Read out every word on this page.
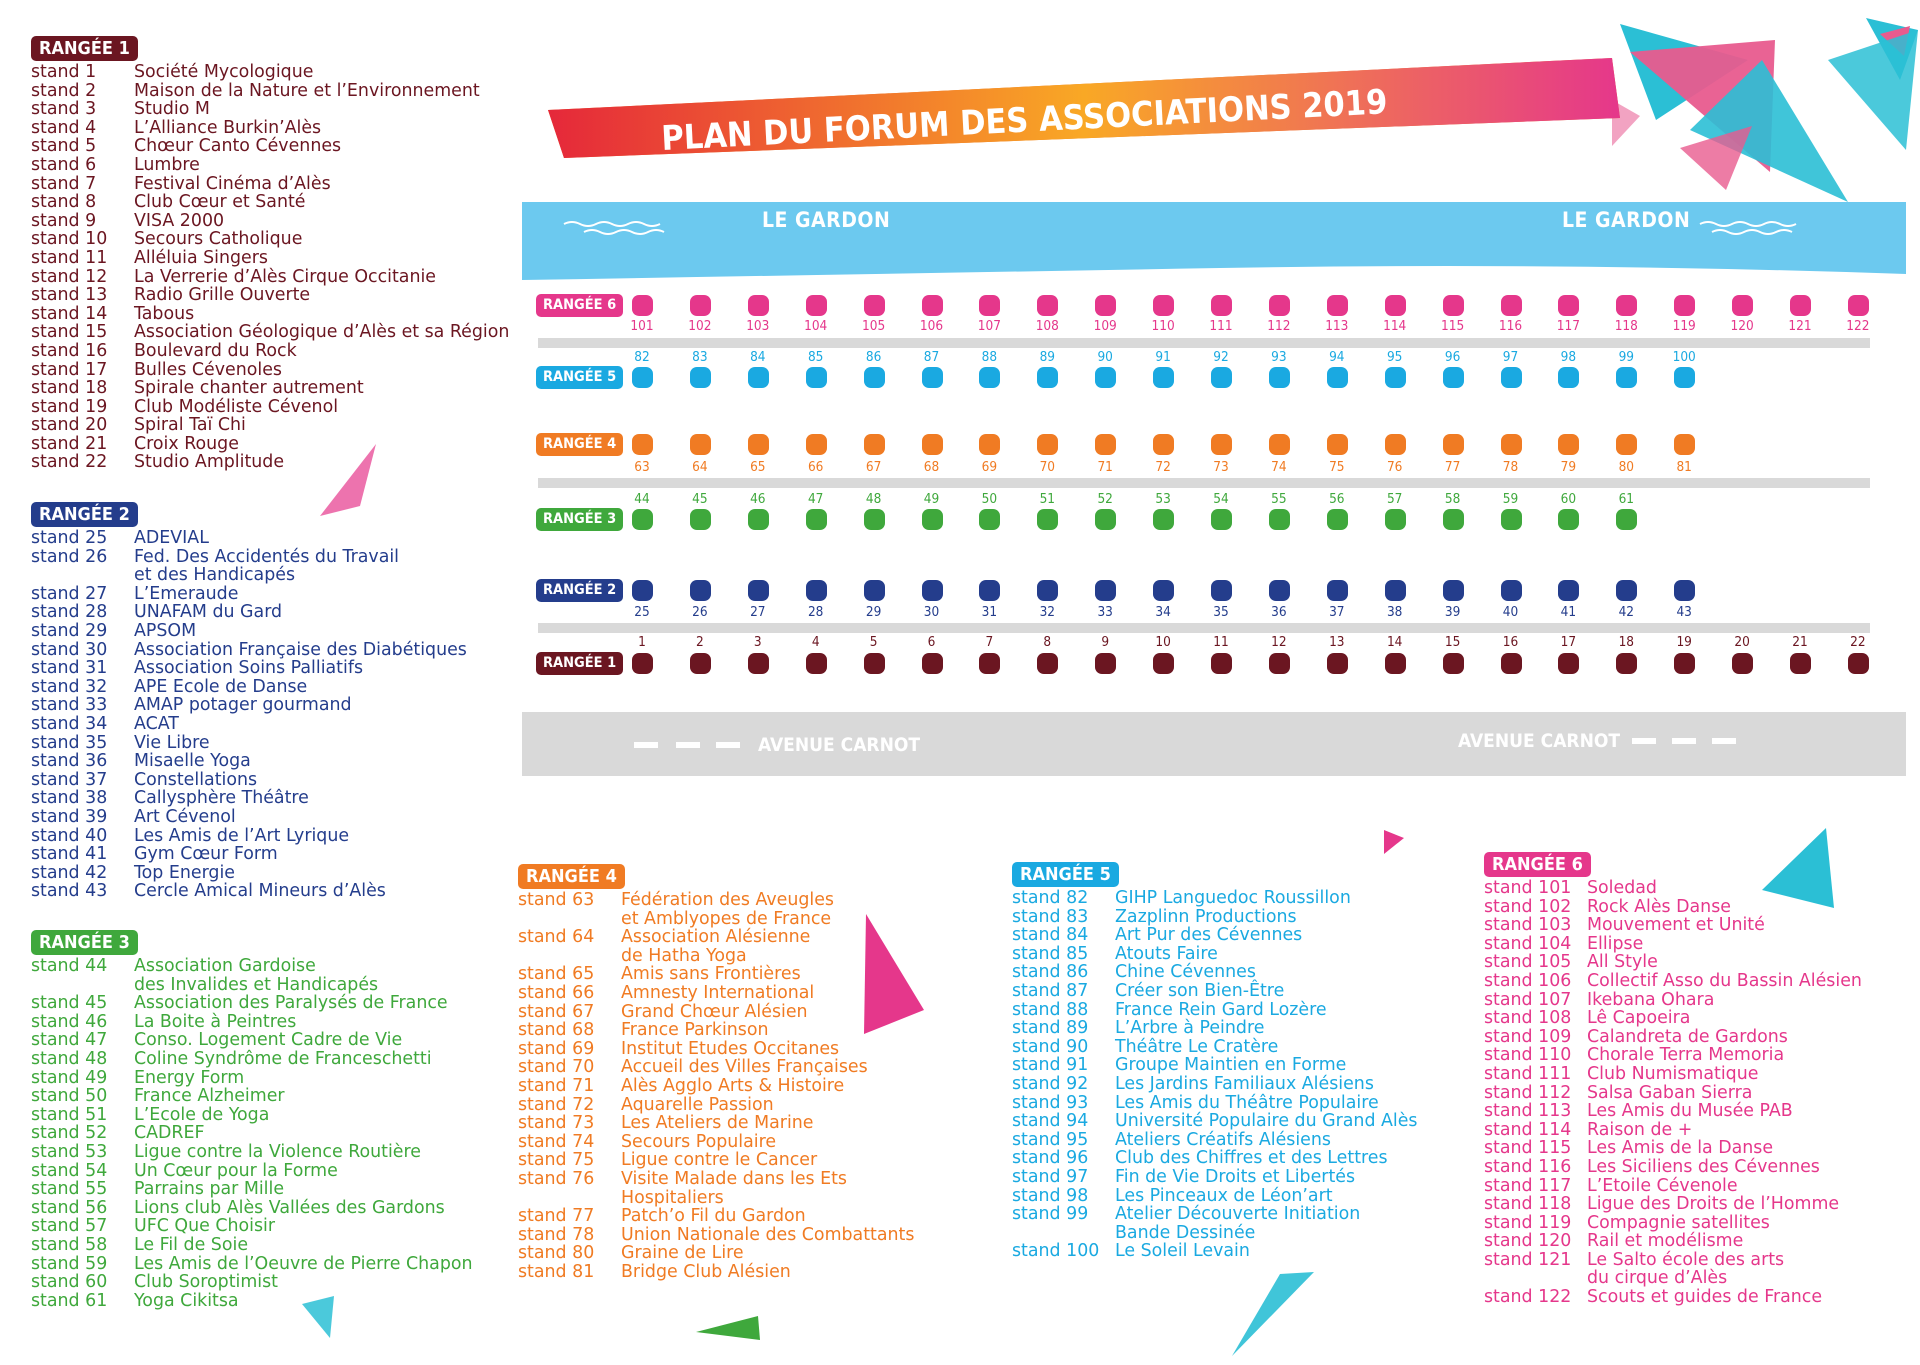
PLAN DU FORUM DES ASSOCIATIONS 2019
LE GARDON	LE GARDON
AVENUE CARNOT	AVENUE CARNOT
RANGÉE 6
101	102	103	104	105	106	107	108	109	110	111	112	113	114	115	116	117	118	119	120	121	122
RANGÉE 5
82	83	84	85	86	87	88	89	90	91	92	93	94	95	96	97	98	99	100
RANGÉE 4
63	64	65	66	67	68	69	70	71	72	73	74	75	76	77	78	79	80	81
RANGÉE 3
44	45	46	47	48	49	50	51	52	53	54	55	56	57	58	59	60	61
RANGÉE 2
25	26	27	28	29	30	31	32	33	34	35	36	37	38	39	40	41	42	43
RANGÉE 1
1	2	3	4	5	6	7	8	9	10	11	12	13	14	15	16	17	18	19	20	21	22
RANGÉE 1
stand 1	Société Mycologique
stand 2	Maison de la Nature et l’Environnement
stand 3	Studio M
stand 4	L’Alliance Burkin’Alès
stand 5	Chœur Canto Cévennes
stand 6	Lumbre
stand 7	Festival Cinéma d’Alès
stand 8	Club Cœur et Santé
stand 9	VISA 2000
stand 10	Secours Catholique
stand 11	Alléluia Singers
stand 12	La Verrerie d’Alès Cirque Occitanie
stand 13	Radio Grille Ouverte
stand 14	Tabous
stand 15	Association Géologique d’Alès et sa Région
stand 16	Boulevard du Rock
stand 17	Bulles Cévenoles
stand 18	Spirale chanter autrement
stand 19	Club Modéliste Cévenol
stand 20	Spiral Taï Chi
stand 21	Croix Rouge
stand 22	Studio Amplitude
RANGÉE 2
stand 25	ADEVIAL
stand 26	Fed. Des Accidentés du Travail
et des Handicapés
stand 27	L’Emeraude
stand 28	UNAFAM du Gard
stand 29	APSOM
stand 30	Association Française des Diabétiques
stand 31	Association Soins Palliatifs
stand 32	APE Ecole de Danse
stand 33	AMAP potager gourmand
stand 34	ACAT
stand 35	Vie Libre
stand 36	Misaelle Yoga
stand 37	Constellations
stand 38	Callysphère Théâtre
stand 39	Art Cévenol
stand 40	Les Amis de l’Art Lyrique
stand 41	Gym Cœur Form
stand 42	Top Energie
stand 43	Cercle Amical Mineurs d’Alès
RANGÉE 3
stand 44	Association Gardoise
des Invalides et Handicapés
stand 45	Association des Paralysés de France
stand 46	La Boite à Peintres
stand 47	Conso. Logement Cadre de Vie
stand 48	Coline Syndrôme de Franceschetti
stand 49	Energy Form
stand 50	France Alzheimer
stand 51	L’Ecole de Yoga
stand 52	CADREF
stand 53	Ligue contre la Violence Routière
stand 54	Un Cœur pour la Forme
stand 55	Parrains par Mille
stand 56	Lions club Alès Vallées des Gardons
stand 57	UFC Que Choisir
stand 58	Le Fil de Soie
stand 59	Les Amis de l’Oeuvre de Pierre Chapon
stand 60	Club Soroptimist
stand 61	Yoga Cikitsa
RANGÉE 4
stand 63	Fédération des Aveugles
et Amblyopes de France
stand 64	Association Alésienne
de Hatha Yoga
stand 65	Amis sans Frontières
stand 66	Amnesty International
stand 67	Grand Chœur Alésien
stand 68	France Parkinson
stand 69	Institut Etudes Occitanes
stand 70	Accueil des Villes Françaises
stand 71	Alès Agglo Arts & Histoire
stand 72	Aquarelle Passion
stand 73	Les Ateliers de Marine
stand 74	Secours Populaire
stand 75	Ligue contre le Cancer
stand 76	Visite Malade dans les Ets
Hospitaliers
stand 77	Patch’o Fil du Gardon
stand 78	Union Nationale des Combattants
stand 80	Graine de Lire
stand 81	Bridge Club Alésien
RANGÉE 5
stand 82	GIHP Languedoc Roussillon
stand 83	Zazplinn Productions
stand 84	Art Pur des Cévennes
stand 85	Atouts Faire
stand 86	Chine Cévennes
stand 87	Créer son Bien-Être
stand 88	France Rein Gard Lozère
stand 89	L’Arbre à Peindre
stand 90	Théâtre Le Cratère
stand 91	Groupe Maintien en Forme
stand 92	Les Jardins Familiaux Alésiens
stand 93	Les Amis du Théâtre Populaire
stand 94	Université Populaire du Grand Alès
stand 95	Ateliers Créatifs Alésiens
stand 96	Club des Chiffres et des Lettres
stand 97	Fin de Vie Droits et Libertés
stand 98	Les Pinceaux de Léon’art
stand 99	Atelier Découverte Initiation
Bande Dessinée
stand 100 Le Soleil Levain
RANGÉE 6
stand 101 Soledad
stand 102 Rock Alès Danse
stand 103 Mouvement et Unité
stand 104 Ellipse
stand 105 All Style
stand 106 Collectif Asso du Bassin Alésien
stand 107 Ikebana Ohara
stand 108 Lê Capoeira
stand 109 Calandreta de Gardons
stand 110 Chorale Terra Memoria
stand 111 Club Numismatique
stand 112 Salsa Gaban Sierra
stand 113 Les Amis du Musée PAB
stand 114 Raison de +
stand 115 Les Amis de la Danse
stand 116 Les Siciliens des Cévennes
stand 117 L’Etoile Cévenole
stand 118 Ligue des Droits de l’Homme
stand 119 Compagnie satellites
stand 120 Rail et modélisme
stand 121 Le Salto école des arts
du cirque d’Alès
stand 122 Scouts et guides de France
